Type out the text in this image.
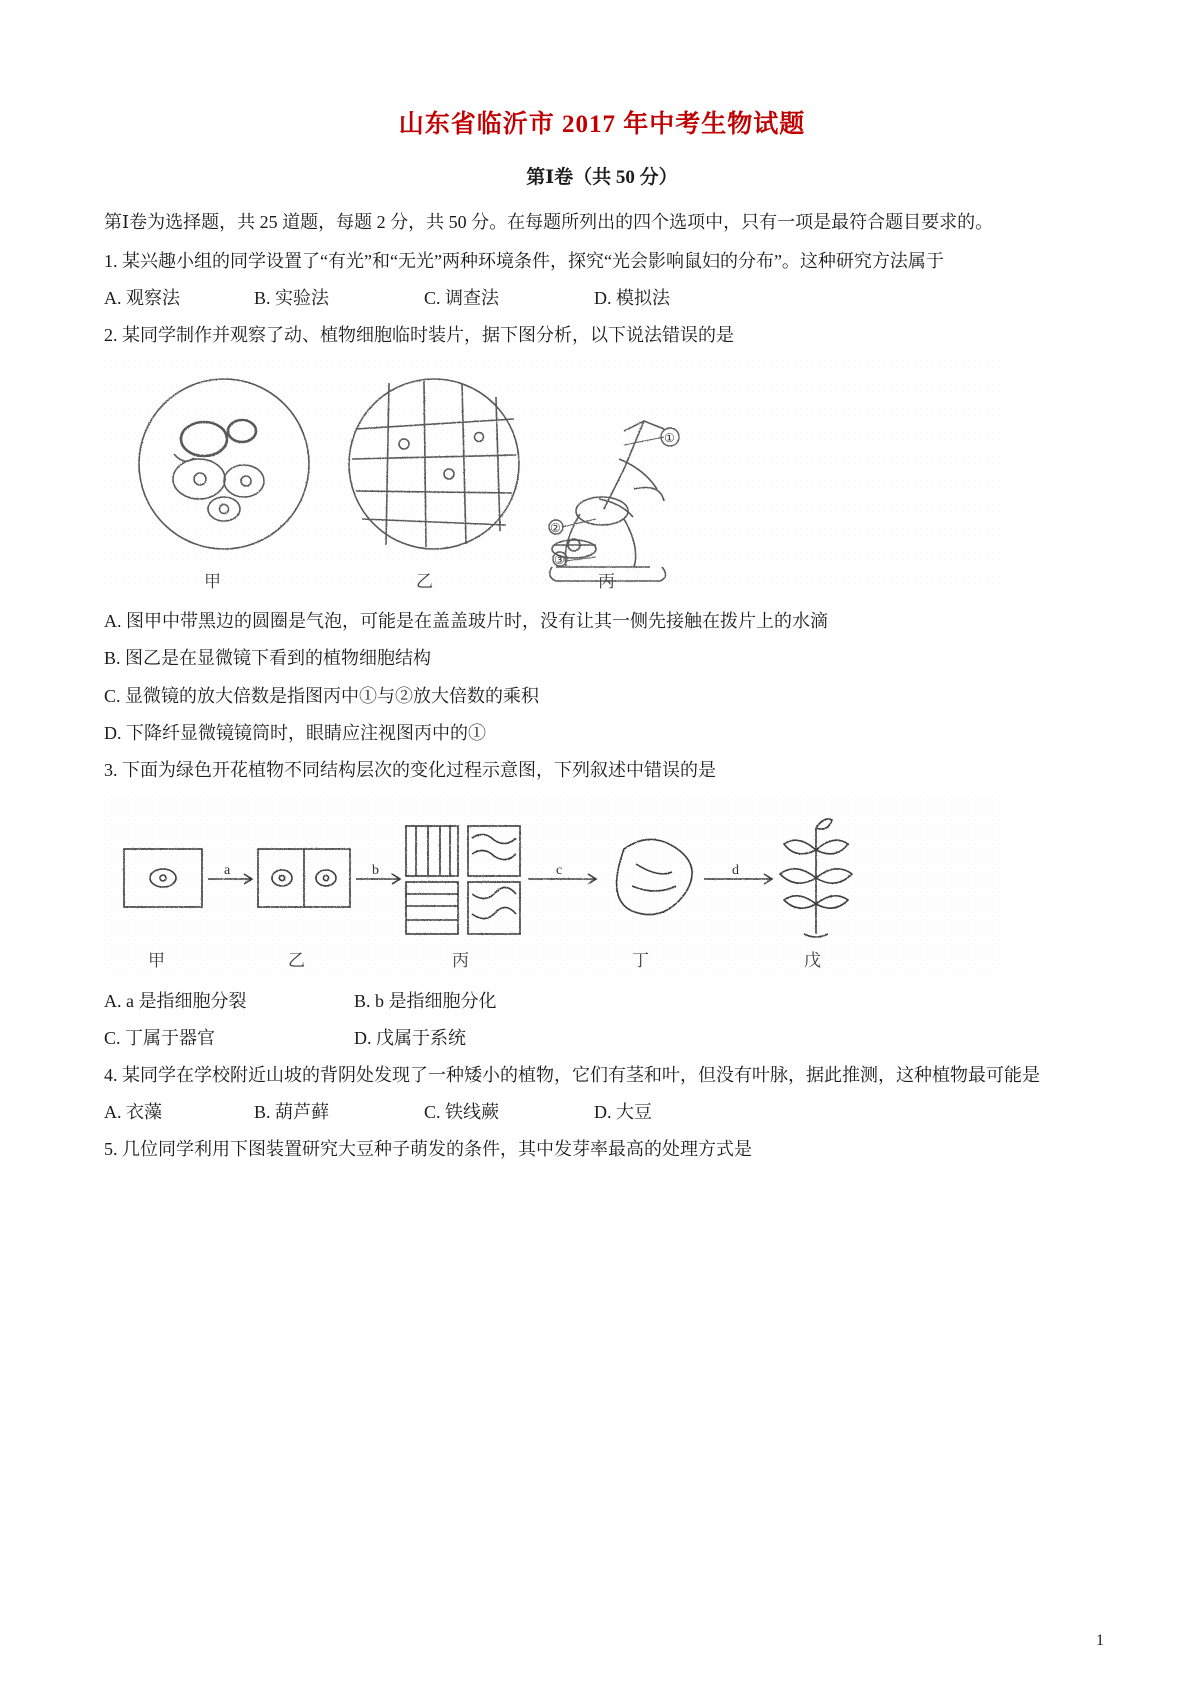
山东省临沂市 2017 年中考生物试题
第Ⅰ卷（共 50 分）

第Ⅰ卷为选择题，共 25 道题，每题 2 分，共 50 分。在每题所列出的四个选项中，只有一项是最符合题目要求的。

1. 某兴趣小组的同学设置了“有光”和“无光”两种环境条件，探究“光会影响鼠妇的分布”。这种研究方法属于

A. 观察法	B. 实验法	C. 调查法	D. 模拟法

2. 某同学制作并观察了动、植物细胞临时装片，据下图分析，以下说法错误的是

①
②
③
甲	乙	丙

A. 图甲中带黑边的圆圈是气泡，可能是在盖盖玻片时，没有让其一侧先接触在拨片上的水滴

B. 图乙是在显微镜下看到的植物细胞结构

C. 显微镜的放大倍数是指图丙中①与②放大倍数的乘积

D. 下降纤显微镜镜筒时，眼睛应注视图丙中的①

3. 下面为绿色开花植物不同结构层次的变化过程示意图，下列叙述中错误的是

a	b	c	d
甲	乙	丙	丁	戊
A. a 是指细胞分裂	B. b 是指细胞分化
C. 丁属于器官	D. 戊属于系统

4. 某同学在学校附近山坡的背阴处发现了一种矮小的植物，它们有茎和叶，但没有叶脉，据此推测，这种植物最可能是

A. 衣藻	B. 葫芦藓	C. 铁线蕨	D. 大豆

5. 几位同学利用下图装置研究大豆种子萌发的条件，其中发芽率最高的处理方式是

1
